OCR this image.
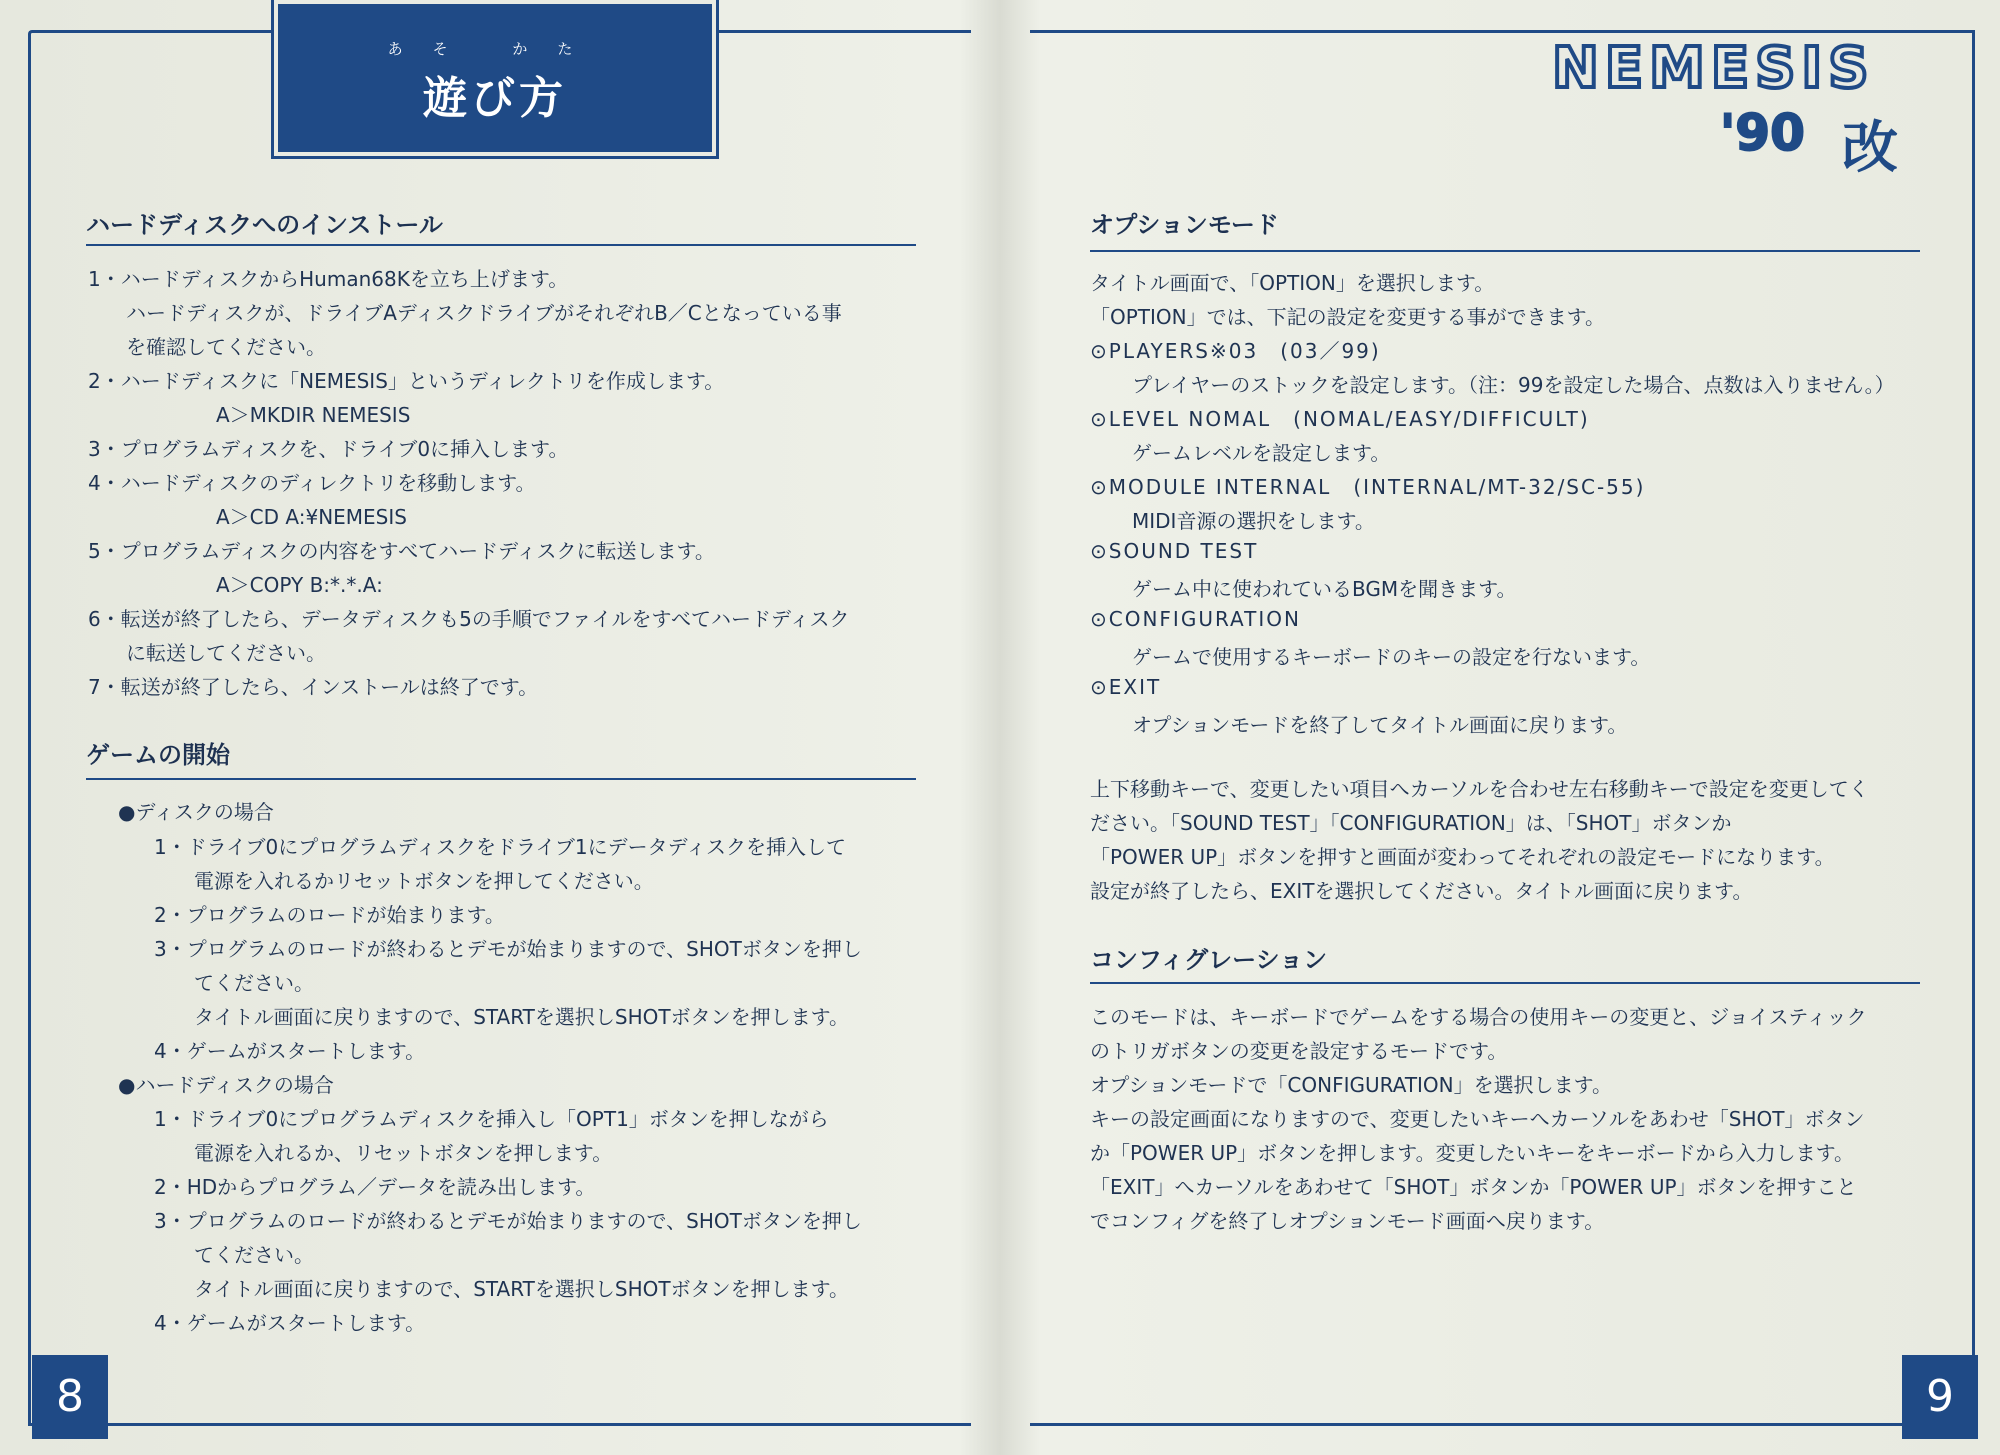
あそ かた
遊び方
ハードディスクへのインストール
1・ハードディスクからHuman68Kを立ち上げます。
ハードディスクが、ドライブAディスクドライブがそれぞれB／Cとなっている事
を確認してください。
2・ハードディスクに「NEMESIS」というディレクトリを作成します。
A＞MKDIR NEMESIS
3・プログラムディスクを、ドライブ0に挿入します。
4・ハードディスクのディレクトリを移動します。
A＞CD A:¥NEMESIS
5・プログラムディスクの内容をすべてハードディスクに転送します。
A＞COPY B:*.*.A:
6・転送が終了したら、データディスクも5の手順でファイルをすべてハードディスク
に転送してください。
7・転送が終了したら、インストールは終了です。
ゲームの開始
●ディスクの場合
1・ドライブ0にプログラムディスクをドライブ1にデータディスクを挿入して
電源を入れるかリセットボタンを押してください。
2・プログラムのロードが始まります。
3・プログラムのロードが終わるとデモが始まりますので、SHOTボタンを押し
てください。
タイトル画面に戻りますので、STARTを選択しSHOTボタンを押します。
4・ゲームがスタートします。
●ハードディスクの場合
1・ドライブ0にプログラムディスクを挿入し「OPT1」ボタンを押しながら
電源を入れるか、リセットボタンを押します。
2・HDからプログラム／データを読み出します。
3・プログラムのロードが終わるとデモが始まりますので、SHOTボタンを押し
てください。
タイトル画面に戻りますので、STARTを選択しSHOTボタンを押します。
4・ゲームがスタートします。
8
NEMESIS
'90 改
オプションモード
タイトル画面で、「OPTION」を選択します。
「OPTION」では、下記の設定を変更する事ができます。
⊙PLAYERS※03　(03／99)
プレイヤーのストックを設定します。（注：99を設定した場合、点数は入りません。）
⊙LEVEL NOMAL　(NOMAL/EASY/DIFFICULT)
ゲームレベルを設定します。
⊙MODULE INTERNAL　(INTERNAL/MT-32/SC-55)
MIDI音源の選択をします。
⊙SOUND TEST
ゲーム中に使われているBGMを聞きます。
⊙CONFIGURATION
ゲームで使用するキーボードのキーの設定を行ないます。
⊙EXIT
オプションモードを終了してタイトル画面に戻ります。
上下移動キーで、変更したい項目へカーソルを合わせ左右移動キーで設定を変更してく
ださい。「SOUND TEST」「CONFIGURATION」は、「SHOT」ボタンか
「POWER UP」ボタンを押すと画面が変わってそれぞれの設定モードになります。
設定が終了したら、EXITを選択してください。タイトル画面に戻ります。
コンフィグレーション
このモードは、キーボードでゲームをする場合の使用キーの変更と、ジョイスティック
のトリガボタンの変更を設定するモードです。
オプションモードで「CONFIGURATION」を選択します。
キーの設定画面になりますので、変更したいキーへカーソルをあわせ「SHOT」ボタン
か「POWER UP」ボタンを押します。変更したいキーをキーボードから入力します。
「EXIT」へカーソルをあわせて「SHOT」ボタンか「POWER UP」ボタンを押すこと
でコンフィグを終了しオプションモード画面へ戻ります。
9
